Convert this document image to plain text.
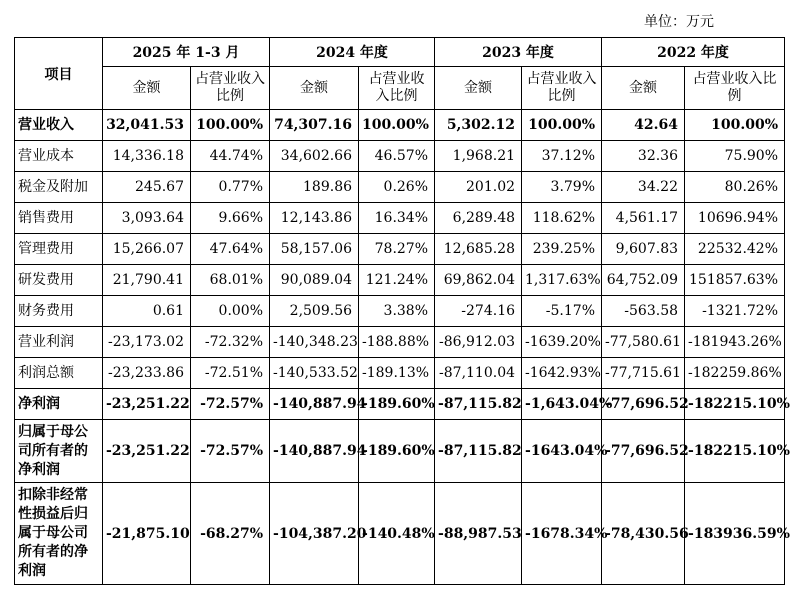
单位：万元
项目	2025 年 1-3 月		2024 年度		2023 年度		2022 年度	
	金额	占营业收入比例	金额	占营业收入比例	金额	占营业收入比例	金额	占营业收入比例
营业收入	32,041.53	100.00%	74,307.16	100.00%	5,302.12	100.00%	42.64	100.00%
营业成本	14,336.18	44.74%	34,602.66	46.57%	1,968.21	37.12%	32.36	75.90%
税金及附加	245.67	0.77%	189.86	0.26%	201.02	3.79%	34.22	80.26%
销售费用	3,093.64	9.66%	12,143.86	16.34%	6,289.48	118.62%	4,561.17	10696.94%
管理费用	15,266.07	47.64%	58,157.06	78.27%	12,685.28	239.25%	9,607.83	22532.42%
研发费用	21,790.41	68.01%	90,089.04	121.24%	69,862.04	1,317.63%	64,752.09	151857.63%
财务费用	0.61	0.00%	2,509.56	3.38%	-274.16	-5.17%	-563.58	-1321.72%
营业利润	-23,173.02	-72.32%	-140,348.23	-188.88%	-86,912.03	-1639.20%	-77,580.61	-181943.26%
利润总额	-23,233.86	-72.51%	-140,533.52	-189.13%	-87,110.04	-1642.93%	-77,715.61	-182259.86%
净利润	-23,251.22	-72.57%	-140,887.94	-189.60%	-87,115.82	-1,643.04%	-77,696.52	-182215.10%
归属于母公司所有者的净利润	-23,251.22	-72.57%	-140,887.94	-189.60%	-87,115.82	-1643.04%	-77,696.52	-182215.10%
扣除非经常性损益后归属于母公司所有者的净利润	-21,875.10	-68.27%	-104,387.20	-140.48%	-88,987.53	-1678.34%	-78,430.56	-183936.59%
